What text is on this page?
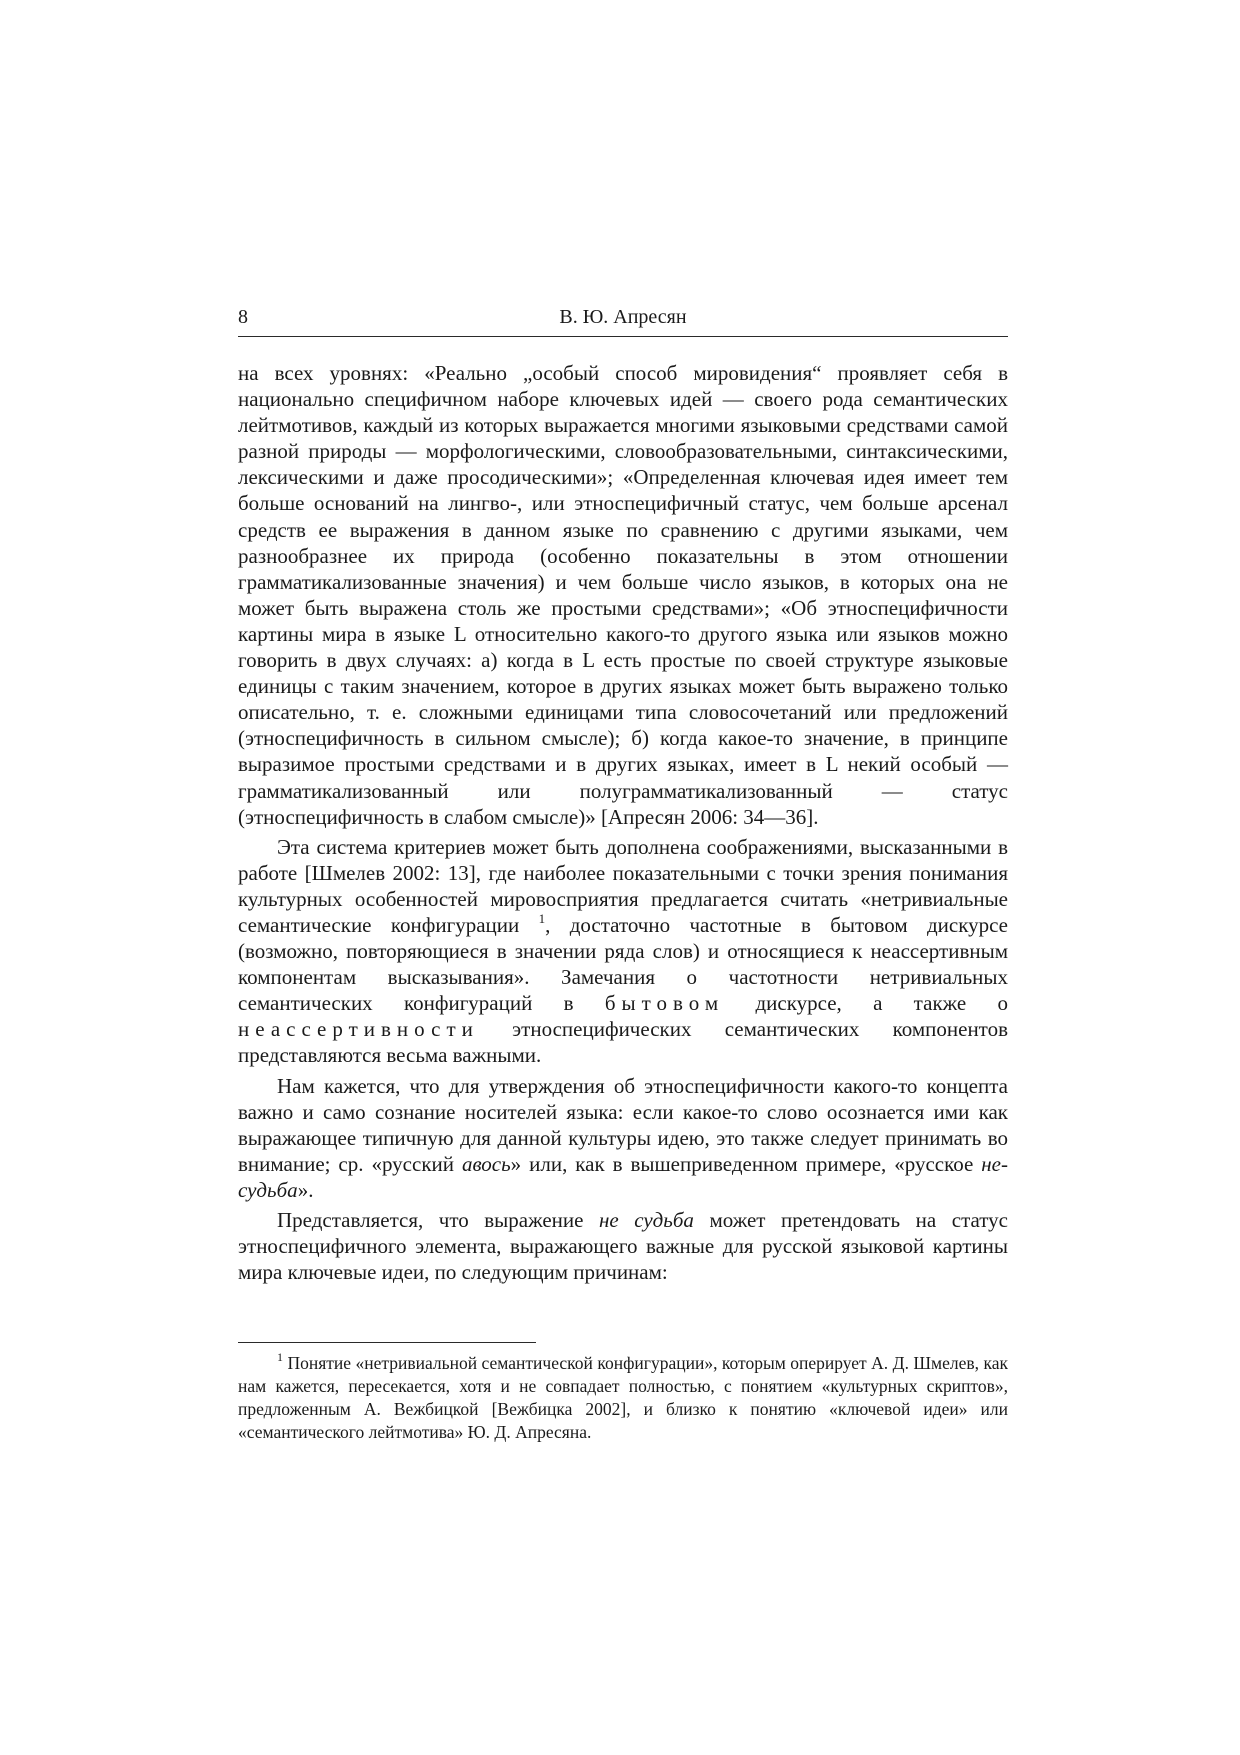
8	В. Ю. Апресян

на всех уровнях: «Реально „особый способ мировидения“ проявляет себя в национально специфичном наборе ключевых идей — своего рода семантических лейтмотивов, каждый из которых выражается многими языковыми средствами самой разной природы — морфологическими, словообразовательными, синтаксическими, лексическими и даже просодическими»; «Определенная ключевая идея имеет тем больше оснований на лингво-, или этноспецифичный статус, чем больше арсенал средств ее выражения в данном языке по сравнению с другими языками, чем разнообразнее их природа (особенно показательны в этом отношении грамматикализованные значения) и чем больше число языков, в которых она не может быть выражена столь же простыми средствами»; «Об этноспецифичности картины мира в языке L относительно какого-то другого языка или языков можно говорить в двух случаях: а) когда в L есть простые по своей структуре языковые единицы с таким значением, которое в других языках может быть выражено только описательно, т. е. сложными единицами типа словосочетаний или предложений (этноспецифичность в сильном смысле); б) когда какое-то значение, в принципе выразимое простыми средствами и в других языках, имеет в L некий особый — грамматикализованный или полуграмматикализованный — статус (этноспецифичность в слабом смысле)» [Апресян 2006: 34—36].

Эта система критериев может быть дополнена соображениями, высказанными в работе [Шмелев 2002: 13], где наиболее показательными с точки зрения понимания культурных особенностей мировосприятия предлагается считать «нетривиальные семантические конфигурации $^1$, достаточно частотные в бытовом дискурсе (возможно, повторяющиеся в значении ряда слов) и относящиеся к неассертивным компонентам высказывания». Замечания о частотности нетривиальных семантических конфигураций в бытовом дискурсе, а также о неассертивности этноспецифических семантических компонентов представляются весьма важными.

Нам кажется, что для утверждения об этноспецифичности какого-то концепта важно и само сознание носителей языка: если какое-то слово осознается ими как выражающее типичную для данной культуры идею, это также следует принимать во внимание; ср. «русский авось» или, как в вышеприведенном примере, «русское не-судьба».

Представляется, что выражение не судьба может претендовать на статус этноспецифичного элемента, выражающего важные для русской языковой картины мира ключевые идеи, по следующим причинам:

$^1$ Понятие «нетривиальной семантической конфигурации», которым оперирует А. Д. Шмелев, как нам кажется, пересекается, хотя и не совпадает полностью, с понятием «культурных скриптов», предложенным А. Вежбицкой [Вежбицка 2002], и близко к понятию «ключевой идеи» или «семантического лейтмотива» Ю. Д. Апресяна.
